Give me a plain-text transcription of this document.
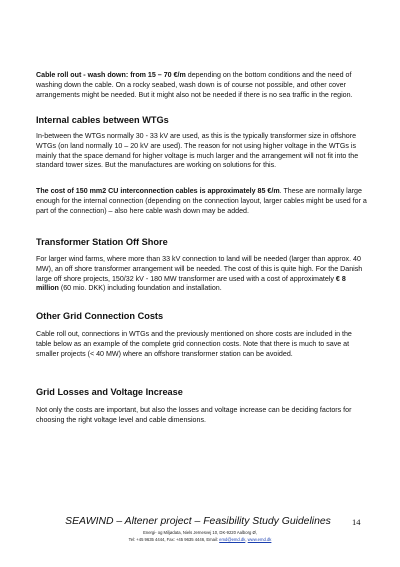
Cable roll out - wash down: from 15 – 70 €/m depending on the bottom conditions and the need of washing down the cable. On a rocky seabed, wash down is of course not possible, and other cover arrangements might be needed. But it might also not be needed if there is no sea traffic in the region.

Internal cables between WTGs

In-between the WTGs normally 30 - 33 kV are used, as this is the typically transformer size in offshore WTGs (on land normally 10 – 20 kV are used). The reason for not using higher voltage in the WTGs is mainly that the space demand for higher voltage is much larger and the arrangement will not fit into the standard tower sizes. But the manufactures are working on solutions for this.

The cost of 150 mm2 CU interconnection cables is approximately 85 €/m. These are normally large enough for the internal connection (depending on the connection layout, larger cables might be used for a part of the connection) – also here cable wash down may be added.

Transformer Station Off Shore

For larger wind farms, where more than 33 kV connection to land will be needed (larger than approx. 40 MW), an off shore transformer arrangement will be needed. The cost of this is quite high. For the Danish large off shore projects, 150/32 kV - 180 MW transformer are used with a cost of approximately € 8 million (60 mio. DKK) including foundation and installation.

Other Grid Connection Costs

Cable roll out, connections in WTGs and the previously mentioned on shore costs are included in the table below as an example of the complete grid connection costs. Note that there is much to save at smaller projects (< 40 MW) where an offshore transformer station can be avoided.

Grid Losses and Voltage Increase

Not only the costs are important, but also the losses and voltage increase can be deciding factors for choosing the right voltage level and cable dimensions.

SEAWIND – Altener project – Feasibility Study Guidelines	14
Energi- og Miljødata, Niels Jernesvej 10, DK-9220 Aalborg Ø,
Tel: +45 9635 4444, Fax: +45 9635 4446, Email: emd@emd.dk, www.emd.dk
